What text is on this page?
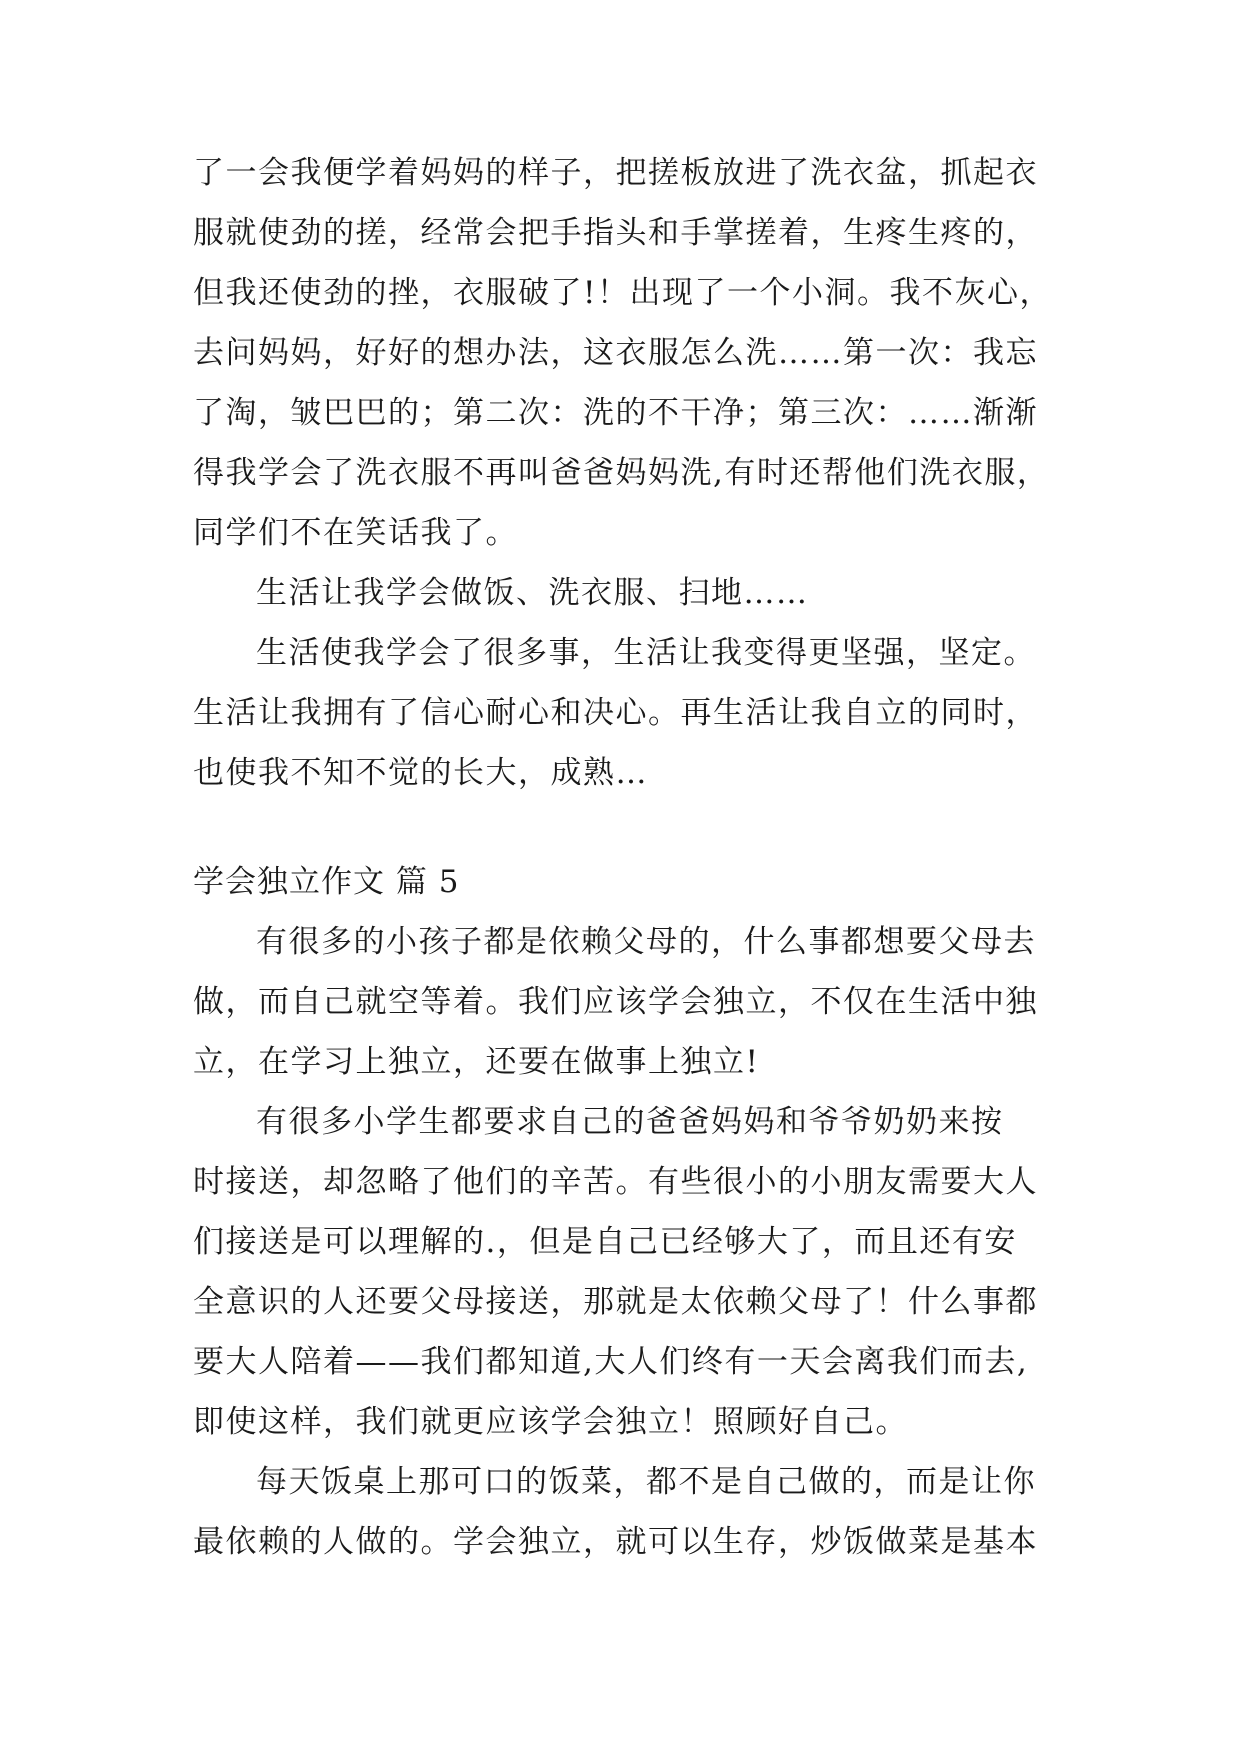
了一会我便学着妈妈的样子，把搓板放进了洗衣盆，抓起衣
服就使劲的搓，经常会把手指头和手掌搓着，生疼生疼的，
但我还使劲的挫，衣服破了!！出现了一个小洞。我不灰心，
去问妈妈，好好的想办法，这衣服怎么洗……第一次：我忘
了淘，皱巴巴的；第二次：洗的不干净；第三次：……渐渐
得我学会了洗衣服不再叫爸爸妈妈洗,有时还帮他们洗衣服，
同学们不在笑话我了。
生活让我学会做饭、洗衣服、扫地……
生活使我学会了很多事，生活让我变得更坚强，坚定。
生活让我拥有了信心耐心和决心。再生活让我自立的同时，
也使我不知不觉的长大，成熟…
学会独立作文 篇 5
有很多的小孩子都是依赖父母的，什么事都想要父母去
做，而自己就空等着。我们应该学会独立，不仅在生活中独
立，在学习上独立，还要在做事上独立!
有很多小学生都要求自己的爸爸妈妈和爷爷奶奶来按
时接送，却忽略了他们的辛苦。有些很小的小朋友需要大人
们接送是可以理解的.，但是自己已经够大了，而且还有安
全意识的人还要父母接送，那就是太依赖父母了！什么事都
要大人陪着——我们都知道,大人们终有一天会离我们而去,
即使这样，我们就更应该学会独立！照顾好自己。
每天饭桌上那可口的饭菜，都不是自己做的，而是让你
最依赖的人做的。学会独立，就可以生存，炒饭做菜是基本
